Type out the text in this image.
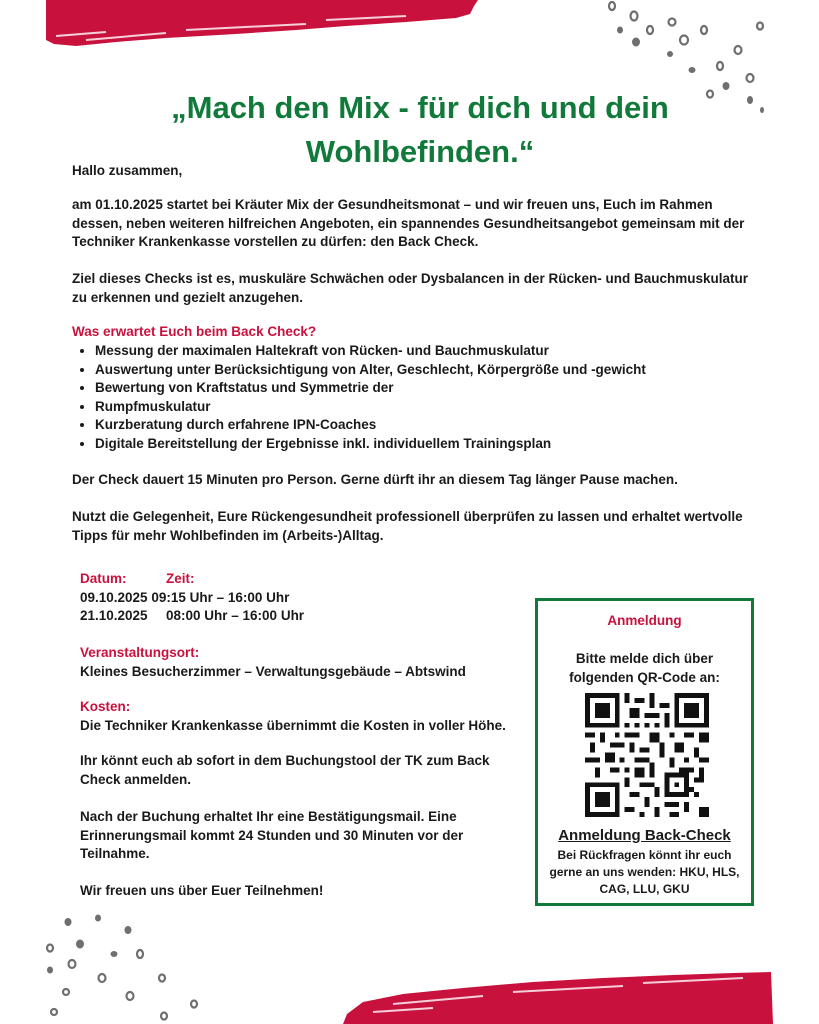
„Mach den Mix - für dich und dein
Wohlbefinden.“

Hallo zusammen,

am 01.10.2025 startet bei Kräuter Mix der Gesundheitsmonat – und wir freuen uns, Euch im Rahmen dessen, neben weiteren hilfreichen Angeboten, ein spannendes Gesundheitsangebot gemeinsam mit der Techniker Krankenkasse vorstellen zu dürfen: den Back Check.

Ziel dieses Checks ist es, muskuläre Schwächen oder Dysbalancen in der Rücken- und Bauchmuskulatur zu erkennen und gezielt anzugehen.

Was erwartet Euch beim Back Check?

• Messung der maximalen Haltekraft von Rücken- und Bauchmuskulatur
• Auswertung unter Berücksichtigung von Alter, Geschlecht, Körpergröße und -gewicht
• Bewertung von Kraftstatus und Symmetrie der
• Rumpfmuskulatur
• Kurzberatung durch erfahrene IPN-Coaches
• Digitale Bereitstellung der Ergebnisse inkl. individuellem Trainingsplan

Der Check dauert 15 Minuten pro Person. Gerne dürft ihr an diesem Tag länger Pause machen.

Nutzt die Gelegenheit, Eure Rückengesundheit professionell überprüfen zu lassen und erhaltet wertvolle Tipps für mehr Wohlbefinden im (Arbeits-)Alltag.

Datum:	Zeit:
09.10.2025 09:15 Uhr – 16:00 Uhr
21.10.2025 08:00 Uhr – 16:00 Uhr
Veranstaltungsort:
Kleines Besucherzimmer – Verwaltungsgebäude – Abtswind
Kosten:
Die Techniker Krankenkasse übernimmt die Kosten in voller Höhe.

Ihr könnt euch ab sofort in dem Buchungstool der TK zum Back Check anmelden.

Nach der Buchung erhaltet Ihr eine Bestätigungsmail. Eine Erinnerungsmail kommt 24 Stunden und 30 Minuten vor der Teilnahme.

Wir freuen uns über Euer Teilnehmen!

Anmeldung
Bitte melde dich über folgenden QR-Code an:
Anmeldung Back-Check
Bei Rückfragen könnt ihr euch gerne an uns wenden: HKU, HLS, CAG, LLU, GKU
